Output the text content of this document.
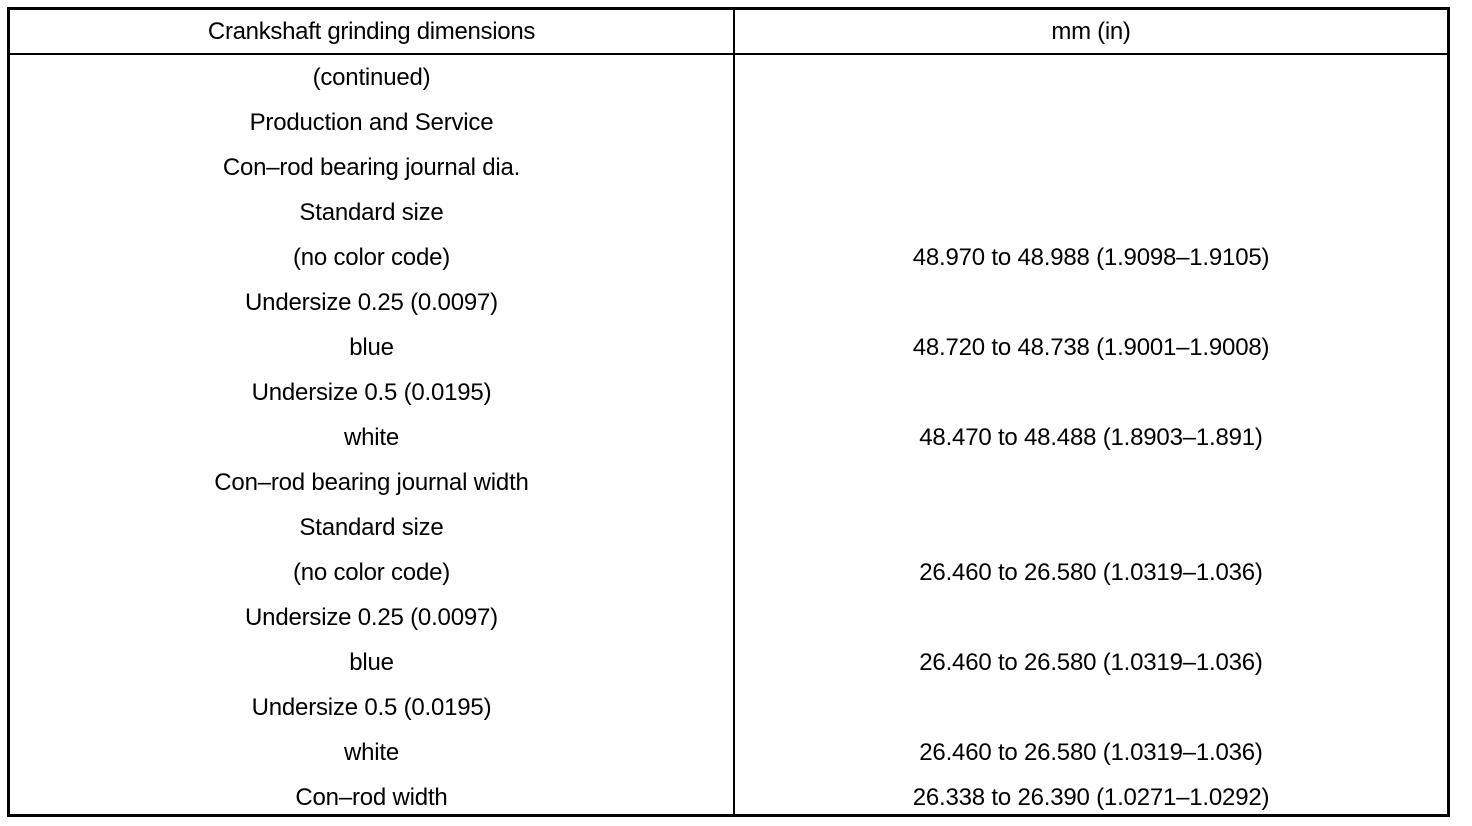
Crankshaft grinding dimensions	mm (in)
(continued)
Production and Service
Con–rod bearing journal dia.
Standard size
(no color code)	48.970 to 48.988 (1.9098–1.9105)
Undersize 0.25 (0.0097)
blue	48.720 to 48.738 (1.9001–1.9008)
Undersize 0.5 (0.0195)
white	48.470 to 48.488 (1.8903–1.891)
Con–rod bearing journal width
Standard size
(no color code)	26.460 to 26.580 (1.0319–1.036)
Undersize 0.25 (0.0097)
blue	26.460 to 26.580 (1.0319–1.036)
Undersize 0.5 (0.0195)
white	26.460 to 26.580 (1.0319–1.036)
Con–rod width	26.338 to 26.390 (1.0271–1.0292)
